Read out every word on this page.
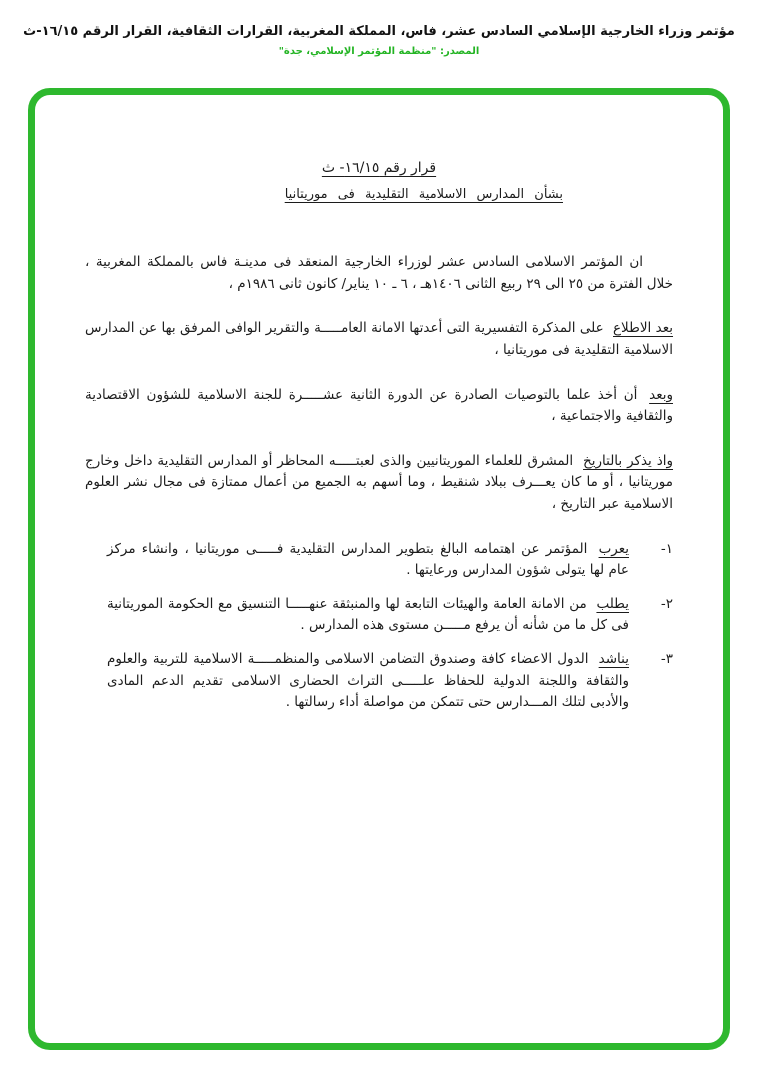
مؤتمر وزراء الخارجية الإسلامي السادس عشر، فاس، المملكة المغربية، القرارات الثقافية، القرار الرقم ١٦/١٥-ث
المصدر: "منظمة المؤتمر الإسلامي، جدة"
قرار رقم ١٦/١٥- ث
بشأن المدارس الاسلامية التقليدية فى موريتانيا

ان المؤتمر الاسلامى السادس عشر لوزراء الخارجية المنعقد فى مدينـة فاس بالمملكة المغربية ، خلال الفترة من ٢٥ الى ٢٩ ربيع الثانى ١٤٠٦هـ ، ٦ ـ ١٠ يناير/ كانون ثانى ١٩٨٦م ،

بعد الاطلاع على المذكرة التفسيرية التى أعدتها الامانة العامـــــة والتقرير الوافى المرفق بها عن المدارس الاسلامية التقليدية فى موريتانيا ،

وبعد أن أخذ علما بالتوصيات الصادرة عن الدورة الثانية عشـــــرة للجنة الاسلامية للشؤون الاقتصادية والثقافية والاجتماعية ،

واذ يذكر بالتاريخ المشرق للعلماء الموريتانيين والذى لعبتـــــه المحاظر أو المدارس التقليدية داخل وخارج موريتانيا ، أو ما كان يعـــرف ببلاد شنقيط ، وما أسهم به الجميع من أعمال ممتازة فى مجال نشر العلوم الاسلامية عبر التاريخ ،

١-
يعرب المؤتمر عن اهتمامه البالغ بتطوير المدارس التقليدية فـــــى موريتانيا ، وانشاء مركز عام لها يتولى شؤون المدارس ورعايتها .
٢-
يطلب من الامانة العامة والهيئات التابعة لها والمنبثقة عنهـــــا التنسيق مع الحكومة الموريتانية فى كل ما من شأنه أن يرفع مـــــن مستوى هذه المدارس .
٣-
يناشد الدول الاعضاء كافة وصندوق التضامن الاسلامى والمنظمـــــة الاسلامية للتربية والعلوم والثقافة واللجنة الدولية للحفاظ علـــــى التراث الحضارى الاسلامى تقديم الدعم المادى والأدبى لتلك المـــدارس حتى تتمكن من مواصلة أداء رسالتها .
